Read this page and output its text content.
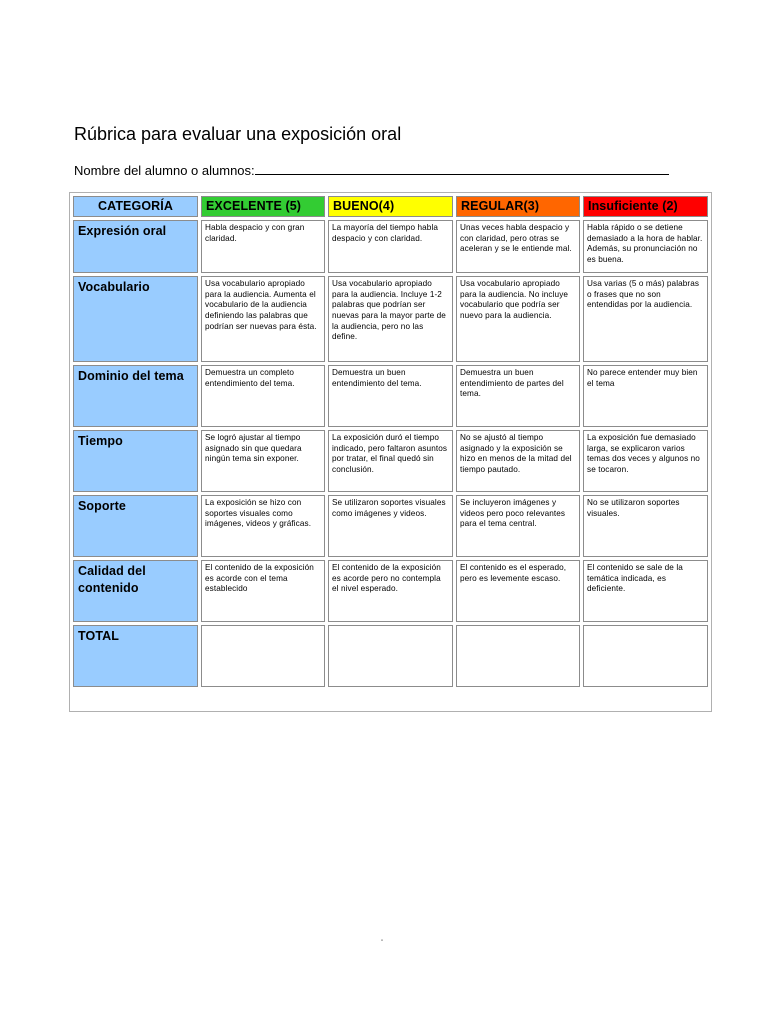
Rúbrica para evaluar una exposición oral
Nombre del alumno o alumnos:
CATEGORÍA	EXCELENTE (5)	BUENO(4)	REGULAR(3)	Insuficiente (2)
Expresión oral	Habla despacio y con gran claridad.	La mayoría del tiempo habla despacio y con claridad.	Unas veces habla despacio y con claridad, pero otras se aceleran y se le entiende mal.	Habla rápido o se detiene demasiado a la hora de hablar. Además, su pronunciación no es buena.
Vocabulario	Usa vocabulario apropiado para la audiencia. Aumenta el vocabulario de la audiencia definiendo las palabras que podrían ser nuevas para ésta.	Usa vocabulario apropiado para la audiencia. Incluye 1-2 palabras que podrían ser nuevas para la mayor parte de la audiencia, pero no las define.	Usa vocabulario apropiado para la audiencia. No incluye vocabulario que podría ser nuevo para la audiencia.	Usa varias (5 o más) palabras o frases que no son entendidas por la audiencia.
Dominio del tema	Demuestra un completo entendimiento del tema.	Demuestra un buen entendimiento del tema.	Demuestra un buen entendimiento de partes del tema.	No parece entender muy bien el tema
Tiempo	Se logró ajustar al tiempo asignado sin que quedara ningún tema sin exponer.	La exposición duró el tiempo indicado, pero faltaron asuntos por tratar, el final quedó sin conclusión.	No se ajustó al tiempo asignado y la exposición se hizo en menos de la mitad del tiempo pautado.	La exposición fue demasiado larga, se explicaron varios temas dos veces y algunos no se tocaron.
Soporte	La exposición se hizo con soportes visuales como imágenes, videos y gráficas.	Se utilizaron soportes visuales como imágenes y videos.	Se incluyeron imágenes y videos pero poco relevantes para el tema central.	No se utilizaron soportes visuales.
Calidad del contenido	El contenido de la exposición es acorde con el tema establecido	El contenido de la exposición es acorde pero no contempla el nivel esperado.	El contenido es el esperado, pero es levemente escaso.	El contenido se sale de la temática indicada, es deficiente.
TOTAL				
"
